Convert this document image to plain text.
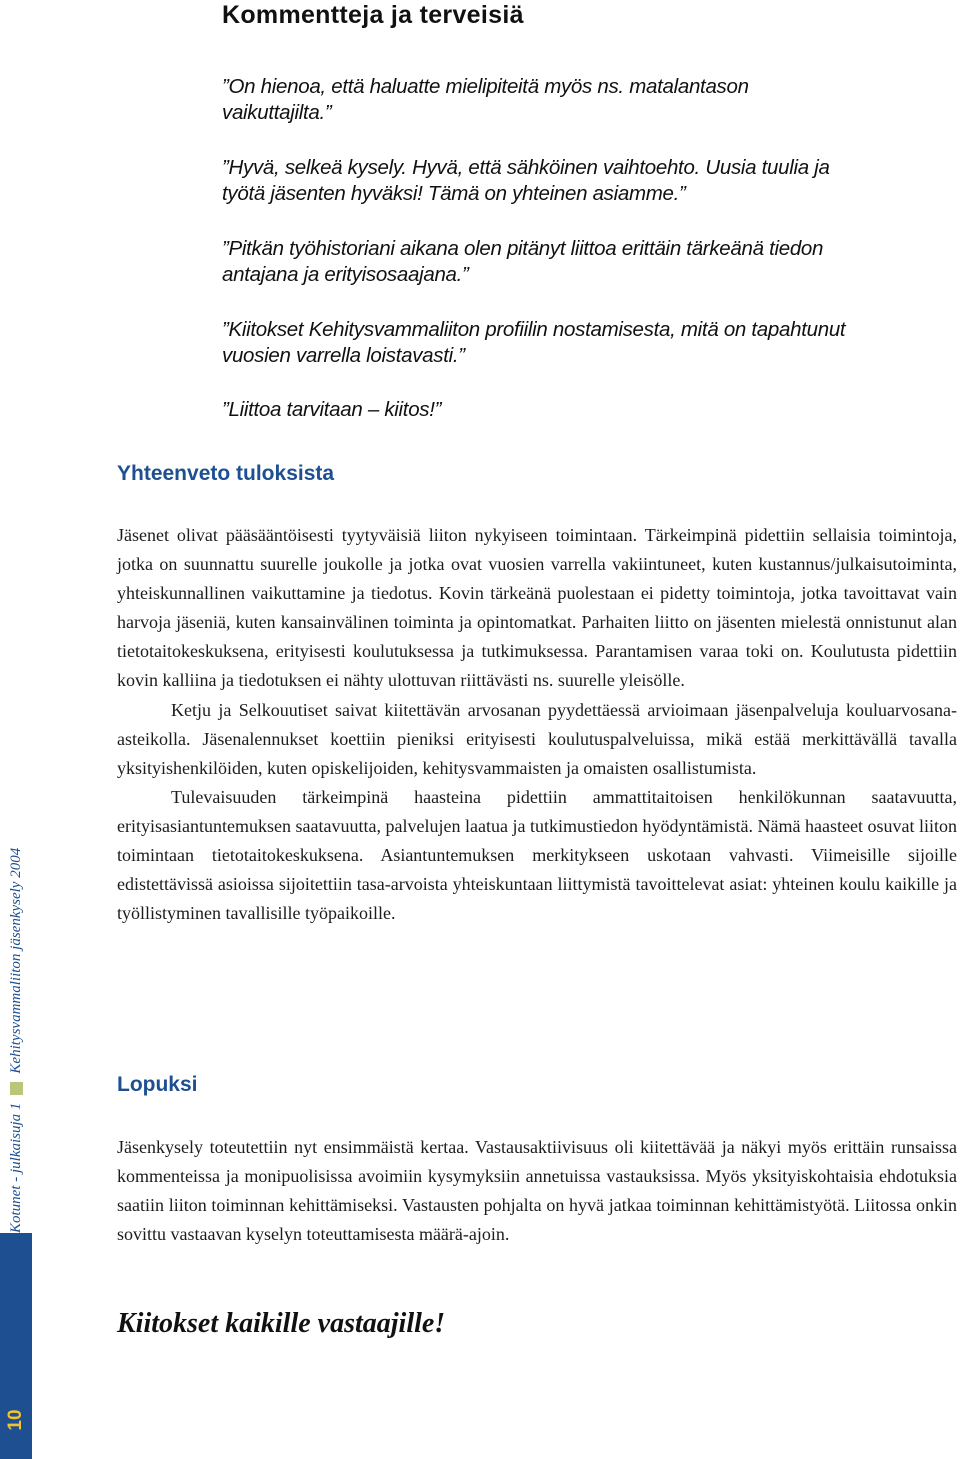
Kommentteja ja terveisiä

”On hienoa, että haluatte mielipiteitä myös ns. matalantason vaikuttajilta.”

”Hyvä, selkeä kysely. Hyvä, että sähköinen vaihtoehto. Uusia tuulia ja työtä jäsenten hyväksi! Tämä on yhteinen asiamme.”

”Pitkän työhistoriani aikana olen pitänyt liittoa erittäin tärkeänä tiedon antajana ja erityisosaajana.”

”Kiitokset Kehitysvammaliiton profiilin nostamisesta, mitä on tapahtunut vuosien varrella loistavasti.”

”Liittoa tarvitaan – kiitos!”

Yhteenveto tuloksista

Jäsenet olivat pääsääntöisesti tyytyväisiä liiton nykyiseen toimintaan. Tärkeimpinä pidettiin sellaisia toimintoja, jotka on suunnattu suurelle joukolle ja jotka ovat vuosien varrella vakiintuneet, kuten kustannus/julkaisutoiminta, yhteiskunnallinen vaikuttamine ja tiedotus. Kovin tärkeänä puolestaan ei pidetty toimintoja, jotka tavoittavat vain harvoja jäseniä, kuten kansainvälinen toiminta ja opintomatkat. Parhaiten liitto on jäsenten mielestä onnistunut alan tietotaitokeskuksena, erityisesti koulutuksessa ja tutkimuksessa. Parantamisen varaa toki on. Koulutusta pidettiin kovin kalliina ja tiedotuksen ei nähty ulottuvan riittävästi ns. suurelle yleisölle.

Ketju ja Selkouutiset saivat kiitettävän arvosanan pyydettäessä arvioimaan jäsenpalveluja kouluarvosana-asteikolla. Jäsenalennukset koettiin pieniksi erityisesti koulutuspalveluissa, mikä estää merkittävällä tavalla yksityishenkilöiden, kuten opiskelijoiden, kehitysvammaisten ja omaisten osallistumista.

Tulevaisuuden tärkeimpinä haasteina pidettiin ammattitaitoisen henkilökunnan saatavuutta, erityisasiantuntemuksen saatavuutta, palvelujen laatua ja tutkimustiedon hyödyntämistä. Nämä haasteet osuvat liiton toimintaan tietotaitokeskuksena. Asiantuntemuksen merkitykseen uskotaan vahvasti. Viimeisille sijoille edistettävissä asioissa sijoitettiin tasa-arvoista yhteiskuntaan liittymistä tavoittelevat asiat: yhteinen koulu kaikille ja työllistyminen tavallisille työpaikoille.

Lopuksi

Jäsenkysely toteutettiin nyt ensimmäistä kertaa. Vastausaktiivisuus oli kiitettävää ja näkyi myös erittäin runsaissa kommenteissa ja monipuolisissa avoimiin kysymyksiin annetuissa vastauksissa. Myös yksityiskohtaisia ehdotuksia saatiin liiton toiminnan kehittämiseksi. Vastausten pohjalta on hyvä jatkaa toiminnan kehittämistyötä. Liitossa onkin sovittu vastaavan kyselyn toteuttamisesta määrä-ajoin.

Kiitokset kaikille vastaajille!

Kotunet - julkaisuja 1
Kehitysvammaliiton jäsenkysely 2004
10
